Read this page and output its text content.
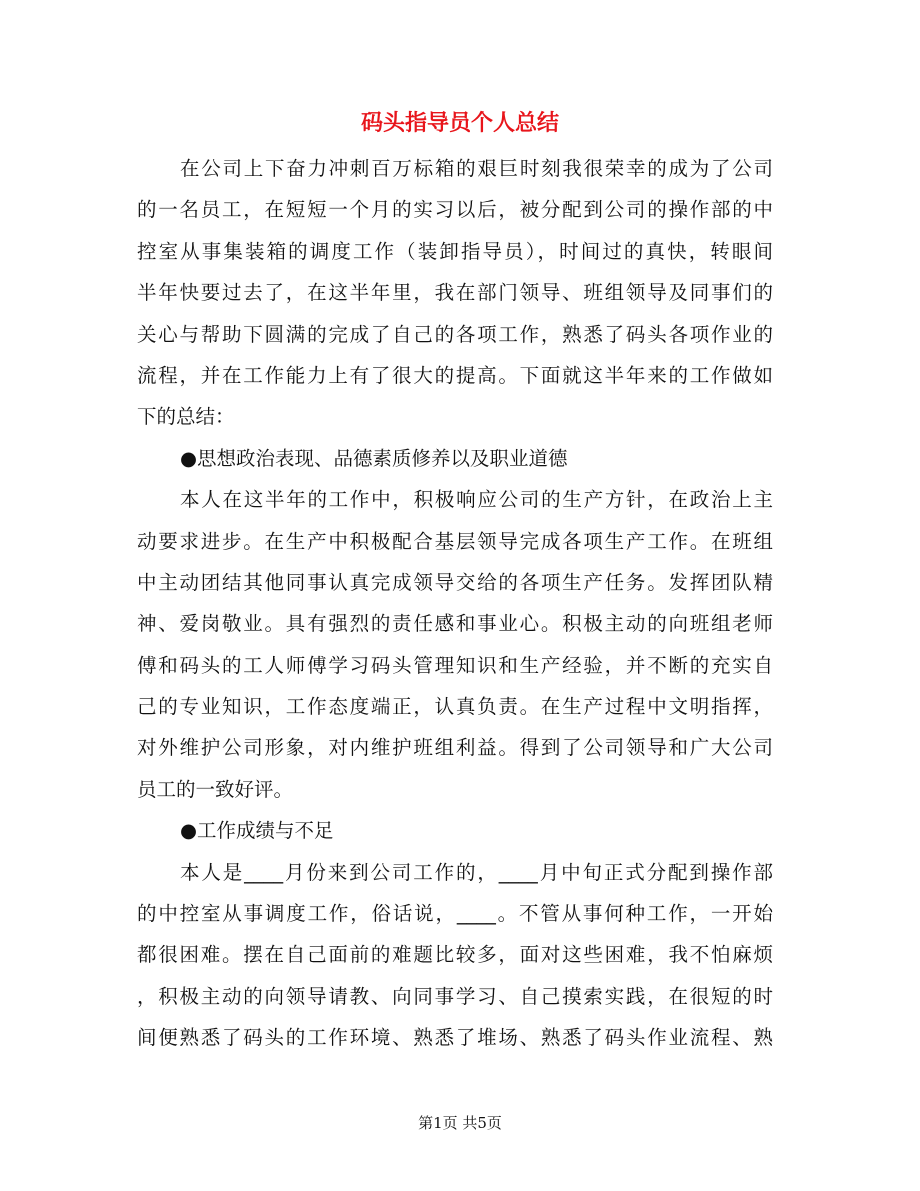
码头指导员个人总结
在公司上下奋力冲刺百万标箱的艰巨时刻我很荣幸的成为了公司
的一名员工，在短短一个月的实习以后，被分配到公司的操作部的中
控室从事集装箱的调度工作（装卸指导员），时间过的真快，转眼间
半年快要过去了，在这半年里，我在部门领导、班组领导及同事们的
关心与帮助下圆满的完成了自己的各项工作，熟悉了码头各项作业的
流程，并在工作能力上有了很大的提高。下面就这半年来的工作做如
下的总结：
●思想政治表现、品德素质修养以及职业道德
本人在这半年的工作中，积极响应公司的生产方针，在政治上主
动要求进步。在生产中积极配合基层领导完成各项生产工作。在班组
中主动团结其他同事认真完成领导交给的各项生产任务。发挥团队精
神、爱岗敬业。具有强烈的责任感和事业心。积极主动的向班组老师
傅和码头的工人师傅学习码头管理知识和生产经验，并不断的充实自
己的专业知识，工作态度端正，认真负责。在生产过程中文明指挥，
对外维护公司形象，对内维护班组利益。得到了公司领导和广大公司
员工的一致好评。
●工作成绩与不足
本人是____月份来到公司工作的，____月中旬正式分配到操作部
的中控室从事调度工作，俗话说，____。不管从事何种工作，一开始
都很困难。摆在自己面前的难题比较多，面对这些困难，我不怕麻烦
，积极主动的向领导请教、向同事学习、自己摸索实践，在很短的时
间便熟悉了码头的工作环境、熟悉了堆场、熟悉了码头作业流程、熟
第1页 共5页
